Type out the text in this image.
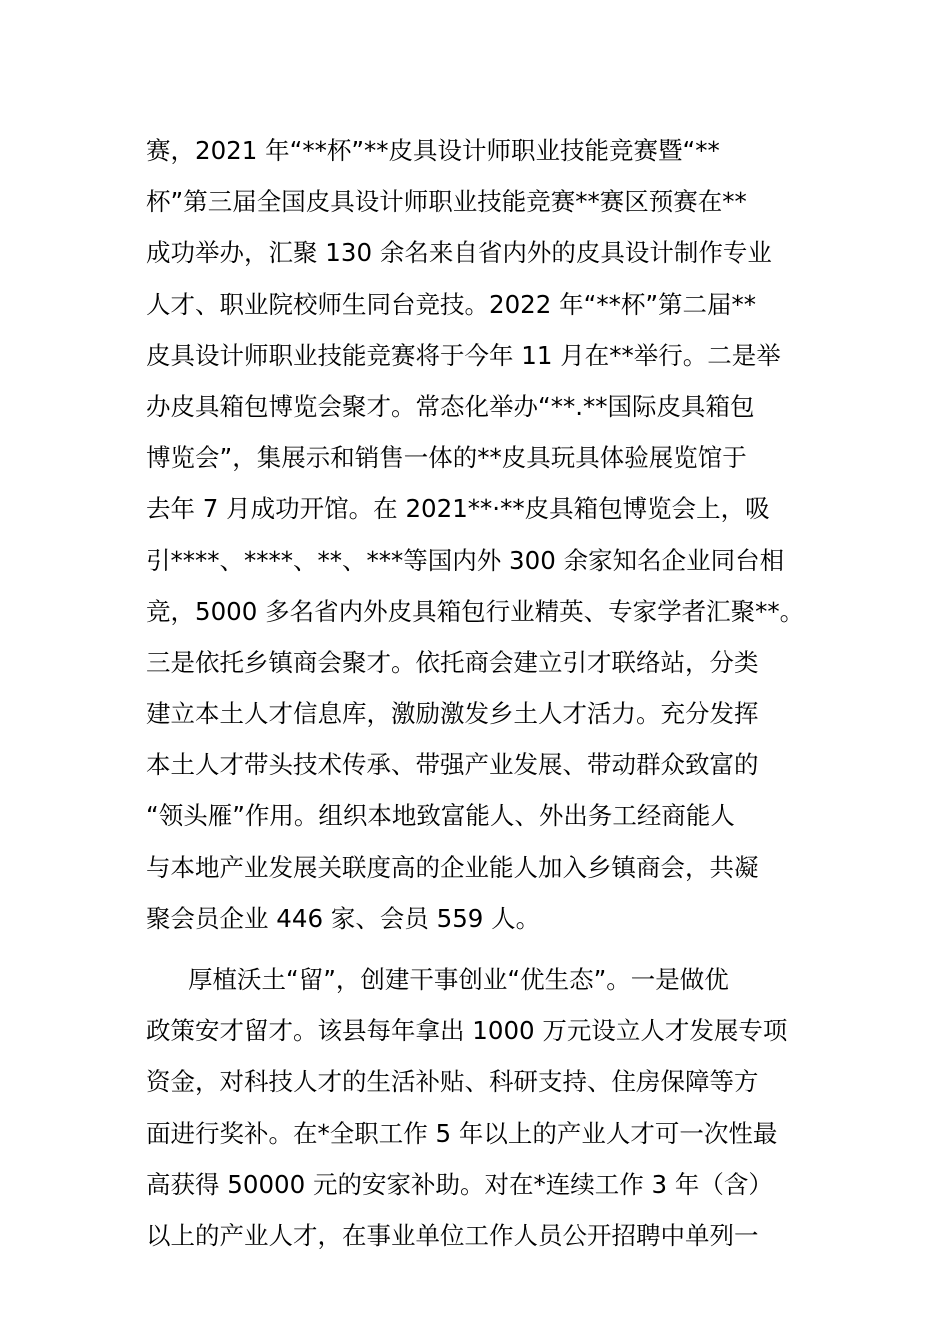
赛，2021 年“**杯”**皮具设计师职业技能竞赛暨“**
杯”第三届全国皮具设计师职业技能竞赛**赛区预赛在**
成功举办，汇聚 130 余名来自省内外的皮具设计制作专业
人才、职业院校师生同台竞技。2022 年“**杯”第二届**
皮具设计师职业技能竞赛将于今年 11 月在**举行。二是举
办皮具箱包博览会聚才。常态化举办“**.**国际皮具箱包
博览会”，集展示和销售一体的**皮具玩具体验展览馆于
去年 7 月成功开馆。在 2021**·**皮具箱包博览会上，吸
引****、****、**、***等国内外 300 余家知名企业同台相
竞，5000 多名省内外皮具箱包行业精英、专家学者汇聚**。
三是依托乡镇商会聚才。依托商会建立引才联络站，分类
建立本土人才信息库，激励激发乡土人才活力。充分发挥
本土人才带头技术传承、带强产业发展、带动群众致富的
“领头雁”作用。组织本地致富能人、外出务工经商能人
与本地产业发展关联度高的企业能人加入乡镇商会，共凝
聚会员企业 446 家、会员 559 人。
厚植沃土“留”，创建干事创业“优生态”。一是做优
政策安才留才。该县每年拿出 1000 万元设立人才发展专项
资金，对科技人才的生活补贴、科研支持、住房保障等方
面进行奖补。在*全职工作 5 年以上的产业人才可一次性最
高获得 50000 元的安家补助。对在*连续工作 3 年（含）
以上的产业人才，在事业单位工作人员公开招聘中单列一
